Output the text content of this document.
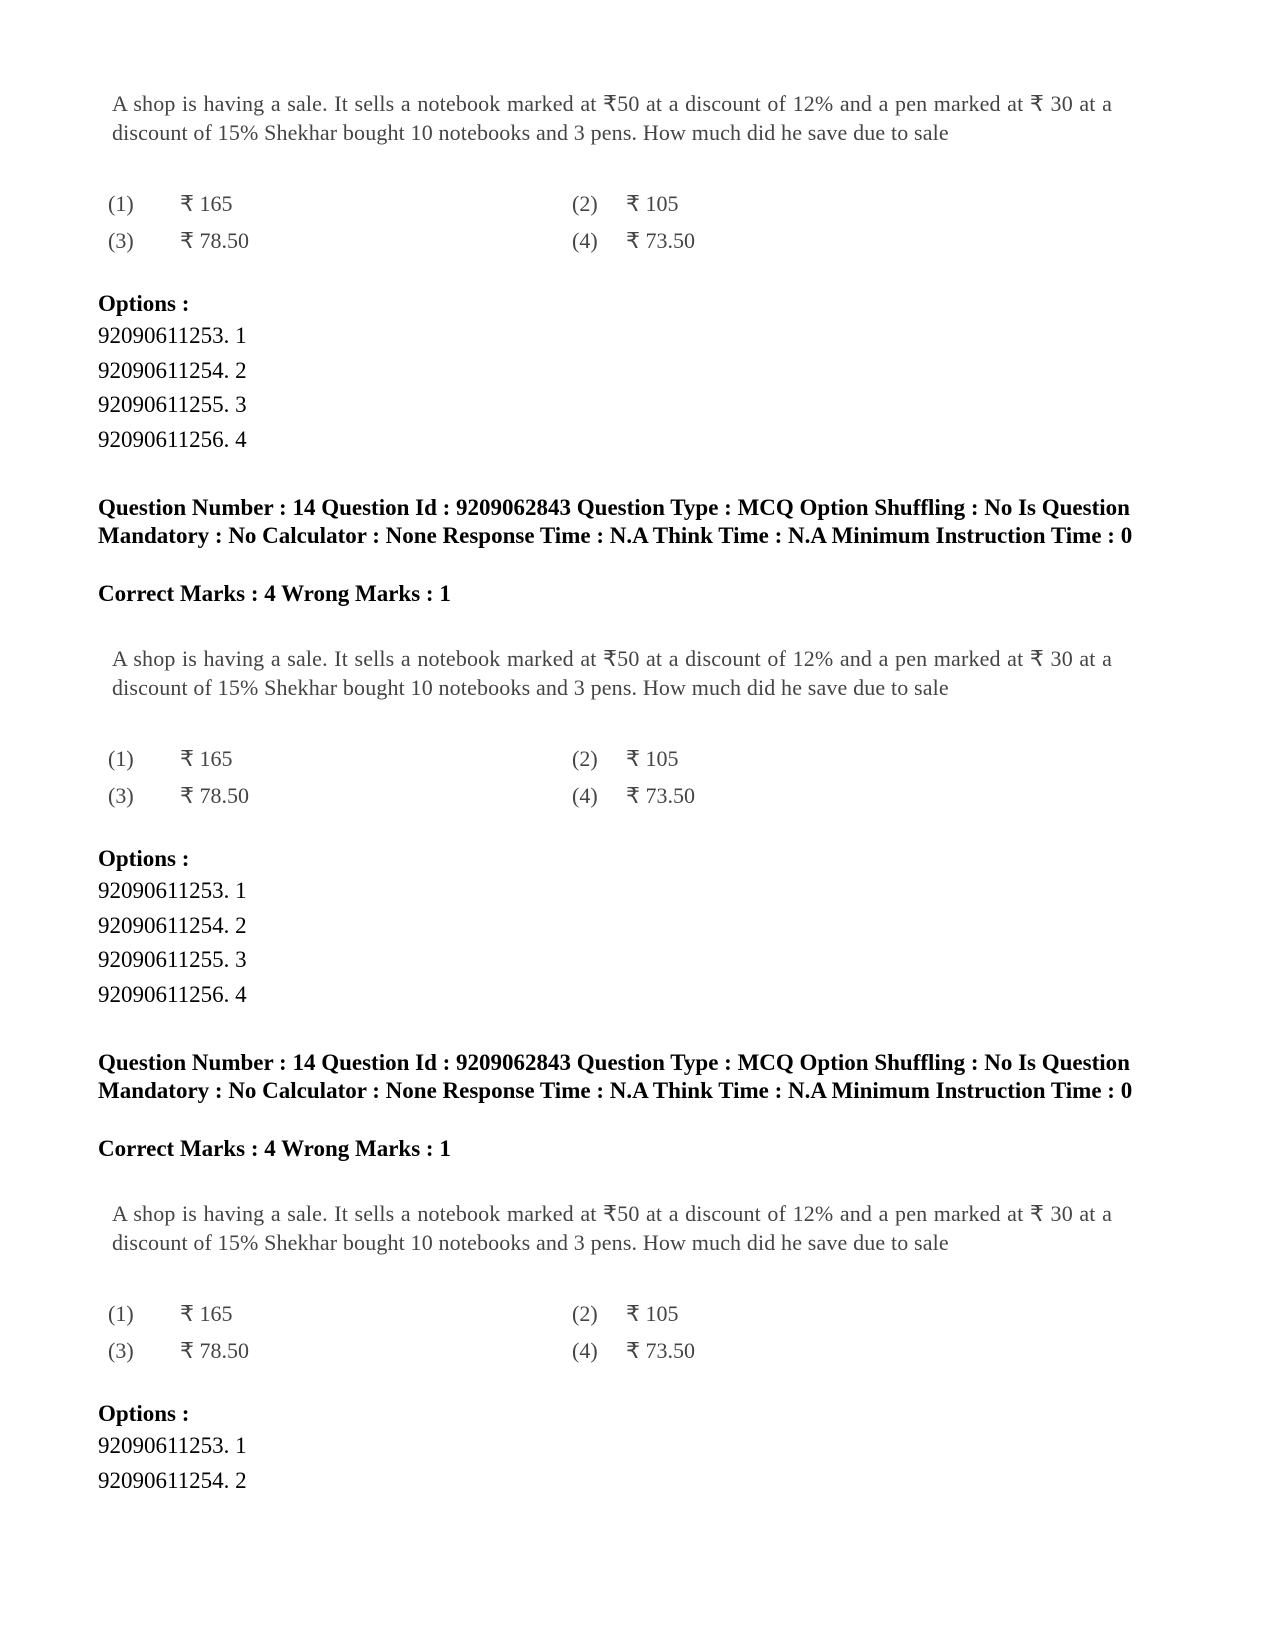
A shop is having a sale. It sells a notebook marked at ₹50 at a discount of 12% and a pen marked at ₹ 30 at a discount of 15% Shekhar bought 10 notebooks and 3 pens. How much did he save due to sale
(1) ₹ 165	(2) ₹ 105
(3) ₹ 78.50	(4) ₹ 73.50
Options :
92090611253. 1
92090611254. 2
92090611255. 3
92090611256. 4
Question Number : 14 Question Id : 9209062843 Question Type : MCQ Option Shuffling : No Is Question Mandatory : No Calculator : None Response Time : N.A Think Time : N.A Minimum Instruction Time : 0
Correct Marks : 4 Wrong Marks : 1
A shop is having a sale. It sells a notebook marked at ₹50 at a discount of 12% and a pen marked at ₹ 30 at a discount of 15% Shekhar bought 10 notebooks and 3 pens. How much did he save due to sale
(1) ₹ 165	(2) ₹ 105
(3) ₹ 78.50	(4) ₹ 73.50
Options :
92090611253. 1
92090611254. 2
92090611255. 3
92090611256. 4
Question Number : 14 Question Id : 9209062843 Question Type : MCQ Option Shuffling : No Is Question Mandatory : No Calculator : None Response Time : N.A Think Time : N.A Minimum Instruction Time : 0
Correct Marks : 4 Wrong Marks : 1
A shop is having a sale. It sells a notebook marked at ₹50 at a discount of 12% and a pen marked at ₹ 30 at a discount of 15% Shekhar bought 10 notebooks and 3 pens. How much did he save due to sale
(1) ₹ 165	(2) ₹ 105
(3) ₹ 78.50	(4) ₹ 73.50
Options :
92090611253. 1
92090611254. 2
